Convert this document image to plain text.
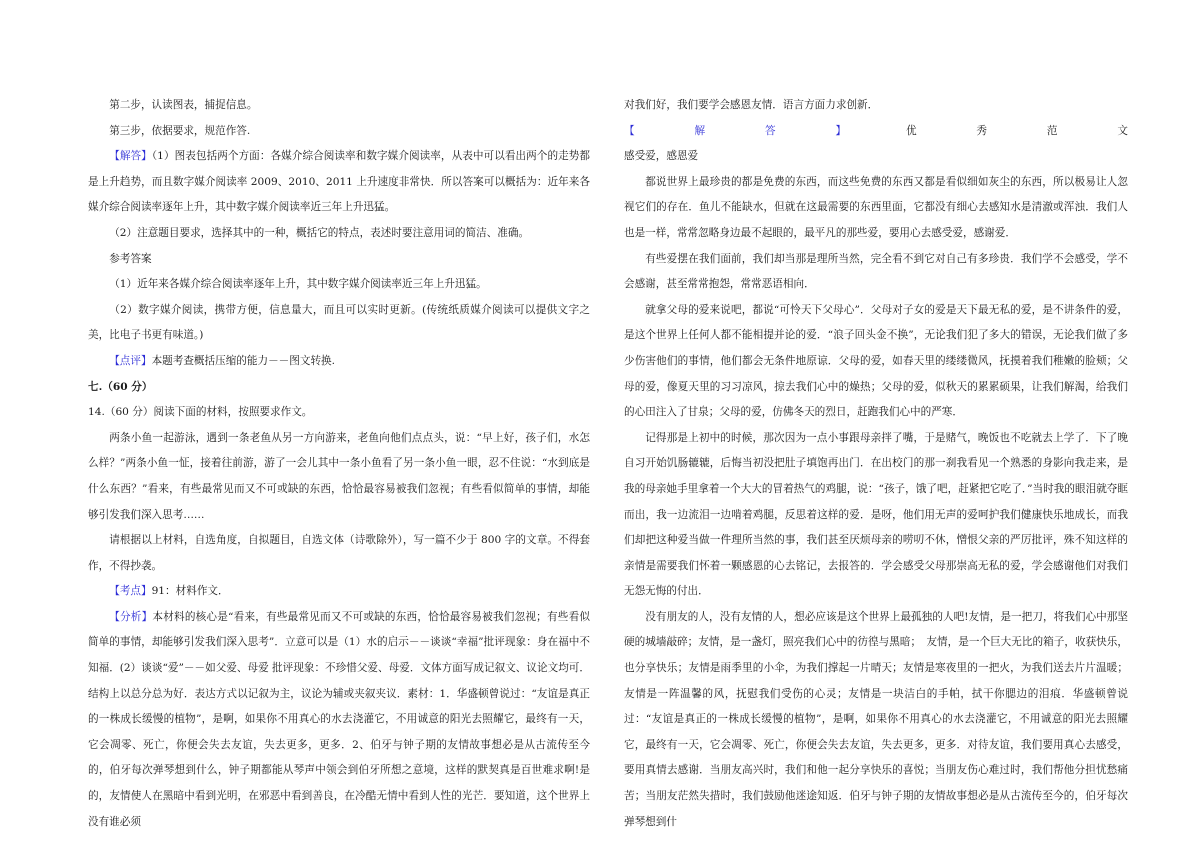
第二步，认读图表，捕捉信息。

第三步，依据要求，规范作答.

【解答】（1）图表包括两个方面：各媒介综合阅读率和数字媒介阅读率，从表中可以看出两个的走势都是上升趋势，而且数字媒介阅读率 2009、2010、2011 上升速度非常快．所以答案可以概括为：近年来各媒介综合阅读率逐年上升，其中数字媒介阅读率近三年上升迅猛。

（2）注意题目要求，选择其中的一种，概括它的特点，表述时要注意用词的简洁、准确。

参考答案

（1）近年来各媒介综合阅读率逐年上升，其中数字媒介阅读率近三年上升迅猛。

（2）数字媒介阅读，携带方便，信息量大，而且可以实时更新。(传统纸质媒介阅读可以提供文字之美，比电子书更有味道。)

【点评】本题考查概括压缩的能力－－图文转换.

七.（60 分）

14.（60 分）阅读下面的材料，按照要求作文。

两条小鱼一起游泳，遇到一条老鱼从另一方向游来，老鱼向他们点点头，说：“早上好，孩子们，水怎么样？”两条小鱼一怔，接着往前游，游了一会儿其中一条小鱼看了另一条小鱼一眼，忍不住说：“水到底是什么东西？”看来，有些最常见而又不可或缺的东西，恰恰最容易被我们忽视；有些看似简单的事情，却能够引发我们深入思考……

请根据以上材料，自选角度，自拟题目，自选文体（诗歌除外），写一篇不少于 800 字的文章。不得套作，不得抄袭。

【考点】91：材料作文．

【分析】本材料的核心是“看来，有些最常见而又不可或缺的东西，恰恰最容易被我们忽视；有些看似简单的事情，却能够引发我们深入思考”．立意可以是（1）水的启示－－谈谈“幸福”批评现象：身在福中不知福．(2）谈谈“爱”－－如父爱、母爱 批评现象：不珍惜父爱、母爱．文体方面写成记叙文、议论文均可．结构上以总分总为好．表达方式以记叙为主，议论为辅或夹叙夹议．素材：1．华盛顿曾说过：“友谊是真正的一株成长缓慢的植物”，是啊，如果你不用真心的水去浇灌它，不用诚意的阳光去照耀它，最终有一天，它会凋零、死亡，你便会失去友谊，失去更多，更多．2、伯牙与钟子期的友情故事想必是从古流传至今的，伯牙每次弹琴想到什么，钟子期都能从琴声中领会到伯牙所想之意境，这样的默契真是百世难求啊!是的，友情使人在黑暗中看到光明，在邪恶中看到善良，在冷酷无情中看到人性的光芒．要知道，这个世界上没有谁必须

对我们好，我们要学会感恩友情．语言方面力求创新．

【	解	答	】	优	秀	范	文

感受爱，感恩爱

都说世界上最珍贵的都是免费的东西，而这些免费的东西又都是看似细如灰尘的东西，所以极易让人忽视它们的存在．鱼儿不能缺水，但就在这最需要的东西里面，它都没有细心去感知水是清澈或浑浊．我们人也是一样，常常忽略身边最不起眼的，最平凡的那些爱，要用心去感受爱，感谢爱．

有些爱摆在我们面前，我们却当那是理所当然，完全看不到它对自己有多珍贵．我们学不会感受，学不会感谢，甚至常常抱怨，常常恶语相向．

就拿父母的爱来说吧，都说“可怜天下父母心”．父母对子女的爱是天下最无私的爱，是不讲条件的爱，是这个世界上任何人都不能相提并论的爱．“浪子回头金不换”，无论我们犯了多大的错误，无论我们做了多少伤害他们的事情，他们都会无条件地原谅．父母的爱，如春天里的缕缕微风，抚摸着我们稚嫩的脸颊；父母的爱，像夏天里的习习凉风，掠去我们心中的燥热；父母的爱，似秋天的累累硕果，让我们解渴，给我们的心田注入了甘泉；父母的爱，仿佛冬天的烈日，赶跑我们心中的严寒．

记得那是上初中的时候，那次因为一点小事跟母亲拌了嘴，于是赌气，晚饭也不吃就去上学了．下了晚自习开始饥肠辘辘，后悔当初没把肚子填饱再出门．在出校门的那一刹我看见一个熟悉的身影向我走来，是我的母亲她手里拿着一个大大的冒着热气的鸡腿，说：“孩子，饿了吧，赶紧把它吃了．”当时我的眼泪就夺眶而出，我一边流泪一边啃着鸡腿，反思着这样的爱．是呀，他们用无声的爱呵护我们健康快乐地成长，而我们却把这种爱当做一件理所当然的事，我们甚至厌烦母亲的唠叨不休，憎恨父亲的严厉批评，殊不知这样的亲情是需要我们怀着一颗感恩的心去铭记，去报答的．学会感受父母那崇高无私的爱，学会感谢他们对我们无怨无悔的付出．

没有朋友的人，没有友情的人，想必应该是这个世界上最孤独的人吧!友情，是一把刀，将我们心中那坚硬的城墙敲碎；友情，是一盏灯，照亮我们心中的彷徨与黑暗；　友情，是一个巨大无比的箱子，收获快乐，也分享快乐；友情是雨季里的小伞，为我们撑起一片晴天；友情是寒夜里的一把火，为我们送去片片温暖；友情是一阵温馨的风，抚慰我们受伤的心灵；友情是一块洁白的手帕，拭干你腮边的泪痕．华盛顿曾说过：“友谊是真正的一株成长缓慢的植物”，是啊，如果你不用真心的水去浇灌它，不用诚意的阳光去照耀它，最终有一天，它会凋零、死亡，你便会失去友谊，失去更多，更多．对待友谊，我们要用真心去感受，要用真情去感谢．当朋友高兴时，我们和他一起分享快乐的喜悦；当朋友伤心难过时，我们帮他分担忧愁痛苦；当朋友茫然失措时，我们鼓励他迷途知返．伯牙与钟子期的友情故事想必是从古流传至今的，伯牙每次弹琴想到什
